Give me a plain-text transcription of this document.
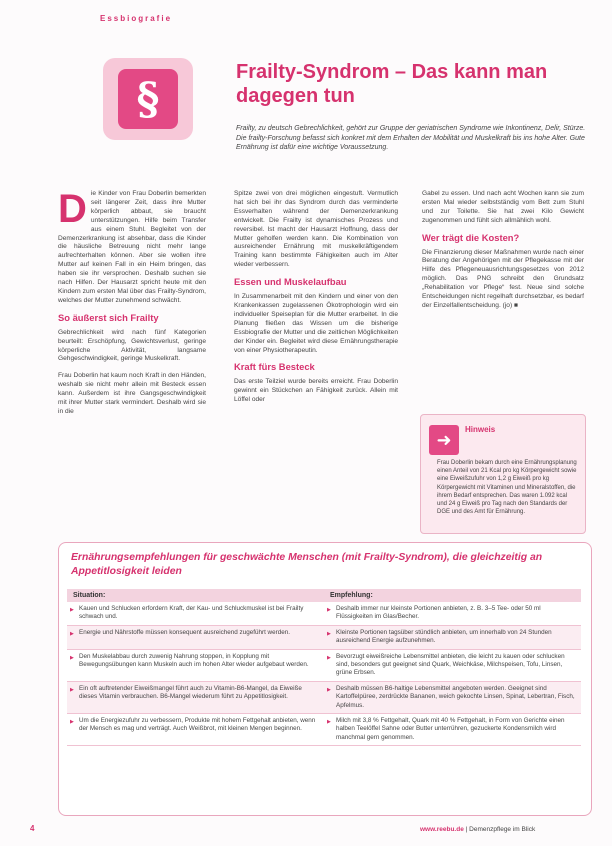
Essbiografie
§
Frailty-Syndrom – Das kann man dagegen tun

Frailty, zu deutsch Gebrechlichkeit, gehört zur Gruppe der geriatrischen Syndrome wie Inkontinenz, Delir, Stürze. Die frailty-Forschung befasst sich konkret mit dem Erhalten der Mobilität und Muskelkraft bis ins hohe Alter. Gute Ernährung ist dafür eine wichtige Voraussetzung.

Die Kinder von Frau Doberlin bemerkten seit längerer Zeit, dass ihre Mutter körperlich abbaut, sie braucht unterstützungen. Hilfe beim Transfer aus einem Stuhl. Begleitet von der Demenzerkrankung ist absehbar, dass die Kinder die häusliche Betreuung nicht mehr lange aufrechterhalten können. Aber sie wollen ihre Mutter auf keinen Fall in ein Heim bringen, das haben sie ihr versprochen. Deshalb suchen sie nach Hilfen. Der Hausarzt spricht heute mit den Kindern zum ersten Mal über das Frailty-Syndrom, welches der Mutter zunehmend schwächt.

So äußerst sich Frailty

Gebrechlichkeit wird nach fünf Kategorien beurteilt: Erschöpfung, Gewichtsverlust, geringe körperliche Aktivität, langsame Gehgeschwindigkeit, geringe Muskelkraft.

Frau Doberlin hat kaum noch Kraft in den Händen, weshalb sie nicht mehr allein mit Besteck essen kann. Außerdem ist ihre Gangsgeschwindigkeit mit ihrer Mutter stark vermindert. Deshalb wird sie in die

Spitze zwei von drei möglichen eingestuft. Vermutlich hat sich bei ihr das Syndrom durch das verminderte Essverhalten während der Demenzerkrankung entwickelt. Die Frailty ist dynamisches Prozess und reversibel. Ist macht der Hausarzt Hoffnung, dass der Mutter geholfen werden kann. Die Kombination von ausreichender Ernährung mit muskelkräftigendem Training kann bestimmte Fähigkeiten auch im Alter wieder verbessern.

Essen und Muskelaufbau

In Zusammenarbeit mit den Kindern und einer von den Krankenkassen zugelassenen Ökotrophologin wird ein individueller Speiseplan für die Mutter erarbeitet. In die Planung fließen das Wissen um die bisherige Essbiografie der Mutter und die zeitlichen Möglichkeiten der Kinder ein. Begleitet wird diese Ernährungstherapie von einer Physiotherapeutin.

Kraft fürs Besteck

Das erste Teilziel wurde bereits erreicht. Frau Doberlin gewinnt ein Stückchen an Fähigkeit zurück. Allein mit Löffel oder

Gabel zu essen. Und nach acht Wochen kann sie zum ersten Mal wieder selbstständig vom Bett zum Stuhl und zur Toilette. Sie hat zwei Kilo Gewicht zugenommen und fühlt sich allmählich wohl.

Wer trägt die Kosten?

Die Finanzierung dieser Maßnahmen wurde nach einer Beratung der Angehörigen mit der Pflegekasse mit der Hilfe des Pflegeneuausrichtungsgesetzes von 2012 möglich. Das PNG schreibt den Grundsatz „Rehabilitation vor Pflege“ fest. Neue sind solche Entscheidungen nicht regelhaft durchsetzbar, es bedarf der Einzelfallentscheidung. (jo) ■

➜
Hinweis
Frau Doberlin bekam durch eine Ernährungsplanung einen Anteil von 21 Kcal pro kg Körpergewicht sowie eine Eiweißzufuhr von 1,2 g Eiweiß pro kg Körpergewicht mit Vitaminen und Mineralstoffen, die ihrem Bedarf entsprechen. Das waren 1.092 kcal und 24 g Eiweiß pro Tag nach den Standards der DGE und des Amt für Ernährung.
Ernährungsempfehlungen für geschwächte Menschen (mit Frailty-Syndrom), die gleichzeitig an Appetitlosigkeit leiden
Situation:	Empfehlung:
▶ Kauen und Schlucken erfordern Kraft, der Kau- und Schluckmuskel ist bei Frailty schwach und.	▶ Deshalb immer nur kleinste Portionen anbieten, z. B. 3–5 Tee- oder 50 ml Flüssigkeiten im Glas/Becher.
▶ Energie und Nährstoffe müssen konsequent ausreichend zugeführt werden.	▶ Kleinste Portionen tagsüber stündlich anbieten, um innerhalb von 24 Stunden ausreichend Energie aufzunehmen.
▶ Den Muskelabbau durch zuwenig Nahrung stoppen, in Kopplung mit Bewegungsübungen kann Muskeln auch im hohen Alter wieder aufgebaut werden.	▶ Bevorzugt eiweißreiche Lebensmittel anbieten, die leicht zu kauen oder schlucken sind, besonders gut geeignet sind Quark, Weichkäse, Milchspeisen, Tofu, Linsen, grüne Erbsen.
▶ Ein oft auftretender Eiweißmangel führt auch zu Vitamin-B6-Mangel, da Eiweiße dieses Vitamin verbrauchen. B6-Mangel wiederum führt zu Appetitlosigkeit.	▶ Deshalb müssen B6-haltige Lebensmittel angeboten werden. Geeignet sind Kartoffelpüree, zerdrückte Bananen, weich gekochte Linsen, Spinat, Lebertran, Fisch, Apfelmus.
▶ Um die Energiezufuhr zu verbessern, Produkte mit hohem Fettgehalt anbieten, wenn der Mensch es mag und verträgt. Auch Weißbrot, mit kleinen Mengen beginnen.	▶ Milch mit 3,8 % Fettgehalt, Quark mit 40 % Fettgehalt, in Form von Gerichte einen halben Teelöffel Sahne oder Butter unterrühren, gezuckerte Kondensmilch wird manchmal gern genommen.
4	www.reebu.de | Demenzpflege im Blick
